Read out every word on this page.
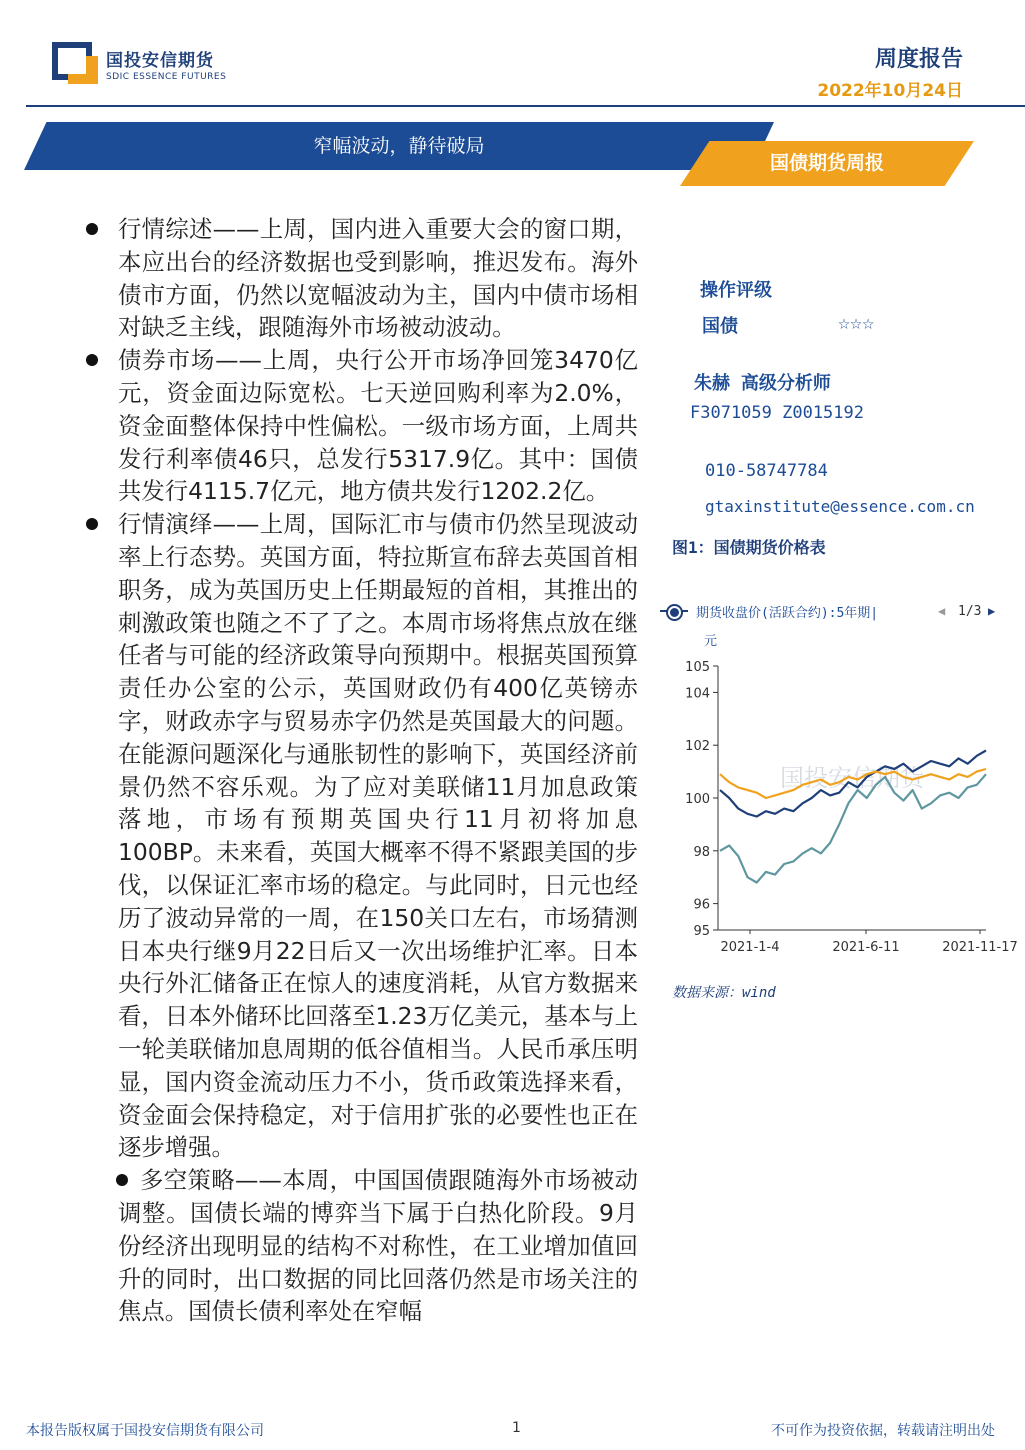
国投安信期货
SDIC ESSENCE FUTURES
周度报告
2022年10月24日
窄幅波动，静待破局
国债期货周报
行情综述——上周，国内进入重要大会的窗口期，本应出台的经济数据也受到影响，推迟发布。海外债市方面，仍然以宽幅波动为主，国内中债市场相对缺乏主线，跟随海外市场被动波动。
债券市场——上周，央行公开市场净回笼3470亿元，资金面边际宽松。七天逆回购利率为2.0%，资金面整体保持中性偏松。一级市场方面，上周共发行利率债46只，总发行5317.9亿。其中：国债共发行4115.7亿元，地方债共发行1202.2亿。
行情演绎——上周，国际汇市与债市仍然呈现波动率上行态势。英国方面，特拉斯宣布辞去英国首相职务，成为英国历史上任期最短的首相，其推出的刺激政策也随之不了了之。本周市场将焦点放在继任者与可能的经济政策导向预期中。根据英国预算责任办公室的公示，英国财政仍有400亿英镑赤字，财政赤字与贸易赤字仍然是英国最大的问题。在能源问题深化与通胀韧性的影响下，英国经济前景仍然不容乐观。为了应对美联储11月加息政策落地，市场有预期英国央行11月初将加息100BP。未来看，英国大概率不得不紧跟美国的步伐，以保证汇率市场的稳定。与此同时，日元也经历了波动异常的一周，在150关口左右，市场猜测日本央行继9月22日后又一次出场维护汇率。日本央行外汇储备正在惊人的速度消耗，从官方数据来看，日本外储环比回落至1.23万亿美元，基本与上一轮美联储加息周期的低谷值相当。人民币承压明显，国内资金流动压力不小，货币政策选择来看，资金面会保持稳定，对于信用扩张的必要性也正在逐步增强。
多空策略——本周，中国国债跟随海外市场被动调整。国债长端的博弈当下属于白热化阶段。9月份经济出现明显的结构不对称性，在工业增加值回升的同时，出口数据的同比回落仍然是市场关注的焦点。国债长债利率处在窄幅
操作评级
国债	☆☆☆
朱赫 高级分析师
F3071059 Z0015192
010-58747784
gtaxinstitute@essence.com.cn
图1：国债期货价格表
期货收盘价(活跃合约):5年期|	◀ 1/3 ▶
元
国投安信期货
95
96
98
100
102
104
105
2021-1-4	2021-6-11	2021-11-17
数据来源：wind
本报告版权属于国投安信期货有限公司	1	不可作为投资依据，转载请注明出处
